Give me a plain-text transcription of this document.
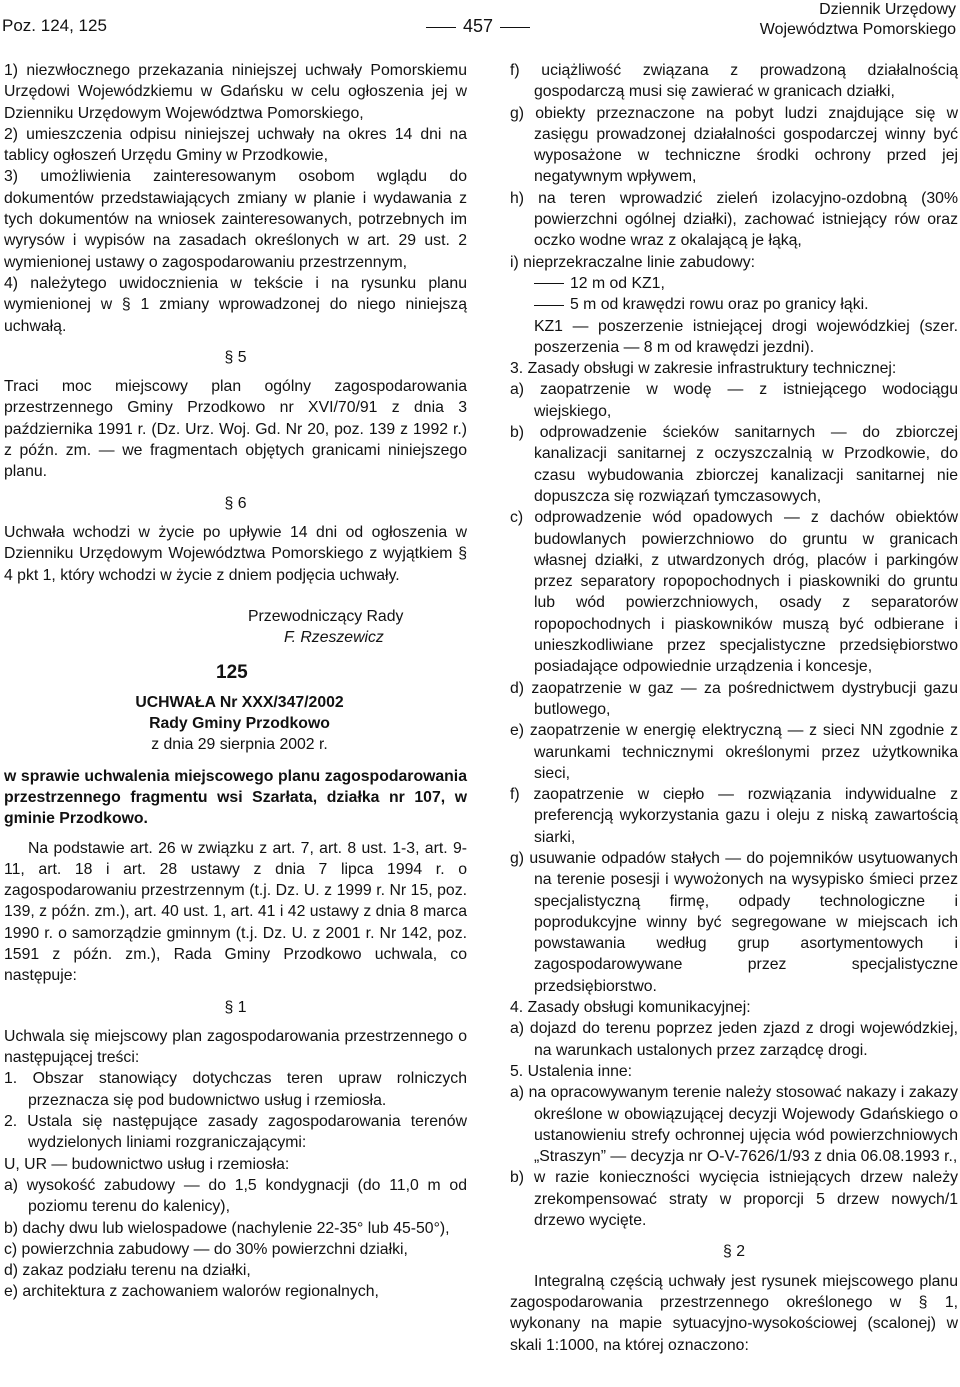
Poz. 124, 125	457
Dziennik Urzędowy
Województwa Pomorskiego

1) niezwłocznego przekazania niniejszej uchwały Pomorskiemu Urzędowi Wojewódzkiemu w Gdańsku w celu ogłoszenia jej w Dzienniku Urzędowym Województwa Pomorskiego,

2) umieszczenia odpisu niniejszej uchwały na okres 14 dni na tablicy ogłoszeń Urzędu Gminy w Przodkowie,

3) umożliwienia zainteresowanym osobom wglądu do dokumentów przedstawiających zmiany w planie i wydawania z tych dokumentów na wniosek zainteresowanych, potrzebnych im wyrysów i wypisów na zasadach określonych w art. 29 ust. 2 wymienionej ustawy o zagospodarowaniu przestrzennym,

4) należytego uwidocznienia w tekście i na rysunku planu wymienionej w § 1 zmiany wprowadzonej do niego niniejszą uchwałą.

§ 5

Traci moc miejscowy plan ogólny zagospodarowania przestrzennego Gminy Przodkowo nr XVI/70/91 z dnia 3 października 1991 r. (Dz. Urz. Woj. Gd. Nr 20, poz. 139 z 1992 r.) z późn. zm. — we fragmentach objętych granicami niniejszego planu.

§ 6

Uchwała wchodzi w życie po upływie 14 dni od ogłoszenia w Dzienniku Urzędowym Województwa Pomorskiego z wyjątkiem § 4 pkt 1, który wchodzi w życie z dniem podjęcia uchwały.

Przewodniczący Rady

F. Rzeszewicz

125

UCHWAŁA Nr XXX/347/2002

Rady Gminy Przodkowo

z dnia 29 sierpnia 2002 r.

w sprawie uchwalenia miejscowego planu zagospodarowania przestrzennego fragmentu wsi Szarłata, działka nr 107, w gminie Przodkowo.

Na podstawie art. 26 w związku z art. 7, art. 8 ust. 1-3, art. 9-11, art. 18 i art. 28 ustawy z dnia 7 lipca 1994 r. o zagospodarowaniu przestrzennym (t.j. Dz. U. z 1999 r. Nr 15, poz. 139, z późn. zm.), art. 40 ust. 1, art. 41 i 42 ustawy z dnia 8 marca 1990 r. o samorządzie gminnym (t.j. Dz. U. z 2001 r. Nr 142, poz. 1591 z późn. zm.), Rada Gminy Przodkowo uchwala, co następuje:

§ 1

Uchwala się miejscowy plan zagospodarowania przestrzennego o następującej treści:

1. Obszar stanowiący dotychczas teren upraw rolniczych przeznacza się pod budownictwo usług i rzemiosła.

2. Ustala się następujące zasady zagospodarowania terenów wydzielonych liniami rozgraniczającymi:

U, UR — budownictwo usług i rzemiosła:

a) wysokość zabudowy — do 1,5 kondygnacji (do 11,0 m od poziomu terenu do kalenicy),

b) dachy dwu lub wielospadowe (nachylenie 22-35° lub 45-50°),

c) powierzchnia zabudowy — do 30% powierzchni działki,

d) zakaz podziału terenu na działki,

e) architektura z zachowaniem walorów regionalnych,

f) uciążliwość związana z prowadzoną działalnością gospodarczą musi się zawierać w granicach działki,

g) obiekty przeznaczone na pobyt ludzi znajdujące się w zasięgu prowadzonej działalności gospodarczej winny być wyposażone w techniczne środki ochrony przed jej negatywnym wpływem,

h) na teren wprowadzić zieleń izolacyjno-ozdobną (30% powierzchni ogólnej działki), zachować istniejący rów oraz oczko wodne wraz z okalającą je łąką,

i) nieprzekraczalne linie zabudowy:

12 m od KZ1,

5 m od krawędzi rowu oraz po granicy łąki.

KZ1 — poszerzenie istniejącej drogi wojewódzkiej (szer. poszerzenia — 8 m od krawędzi jezdni).

3. Zasady obsługi w zakresie infrastruktury technicznej:

a) zaopatrzenie w wodę — z istniejącego wodociągu wiejskiego,

b) odprowadzenie ścieków sanitarnych — do zbiorczej kanalizacji sanitarnej z oczyszczalnią w Przodkowie, do czasu wybudowania zbiorczej kanalizacji sanitarnej nie dopuszcza się rozwiązań tymczasowych,

c) odprowadzenie wód opadowych — z dachów obiektów budowlanych powierzchniowo do gruntu w granicach własnej działki, z utwardzonych dróg, placów i parkingów przez separatory ropopochodnych i piaskowniki do gruntu lub wód powierzchniowych, osady z separatorów ropopochodnych i piaskowników muszą być odbierane i unieszkodliwiane przez specjalistyczne przedsiębiorstwo posiadające odpowiednie urządzenia i koncesje,

d) zaopatrzenie w gaz — za pośrednictwem dystrybucji gazu butlowego,

e) zaopatrzenie w energię elektryczną — z sieci NN zgodnie z warunkami technicznymi określonymi przez użytkownika sieci,

f) zaopatrzenie w ciepło — rozwiązania indywidualne z preferencją wykorzystania gazu i oleju z niską zawartością siarki,

g) usuwanie odpadów stałych — do pojemników usytuowanych na terenie posesji i wywożonych na wysypisko śmieci przez specjalistyczną firmę, odpady technologiczne i poprodukcyjne winny być segregowane w miejscach ich powstawania według grup asortymentowych i zagospodarowywane przez specjalistyczne przedsiębiorstwo.

4. Zasady obsługi komunikacyjnej:

a) dojazd do terenu poprzez jeden zjazd z drogi wojewódzkiej, na warunkach ustalonych przez zarządcę drogi.

5. Ustalenia inne:

a) na opracowywanym terenie należy stosować nakazy i zakazy określone w obowiązującej decyzji Wojewody Gdańskiego o ustanowieniu strefy ochronnej ujęcia wód powierzchniowych „Straszyn” — decyzja nr O-V-7626/1/93 z dnia 06.08.1993 r.,

b) w razie konieczności wycięcia istniejących drzew należy zrekompensować straty w proporcji 5 drzew nowych/1 drzewo wycięte.

§ 2

Integralną częścią uchwały jest rysunek miejscowego planu zagospodarowania przestrzennego określonego w § 1, wykonany na mapie sytuacyjno-wysokościowej (scalonej) w skali 1:1000, na której oznaczono:
